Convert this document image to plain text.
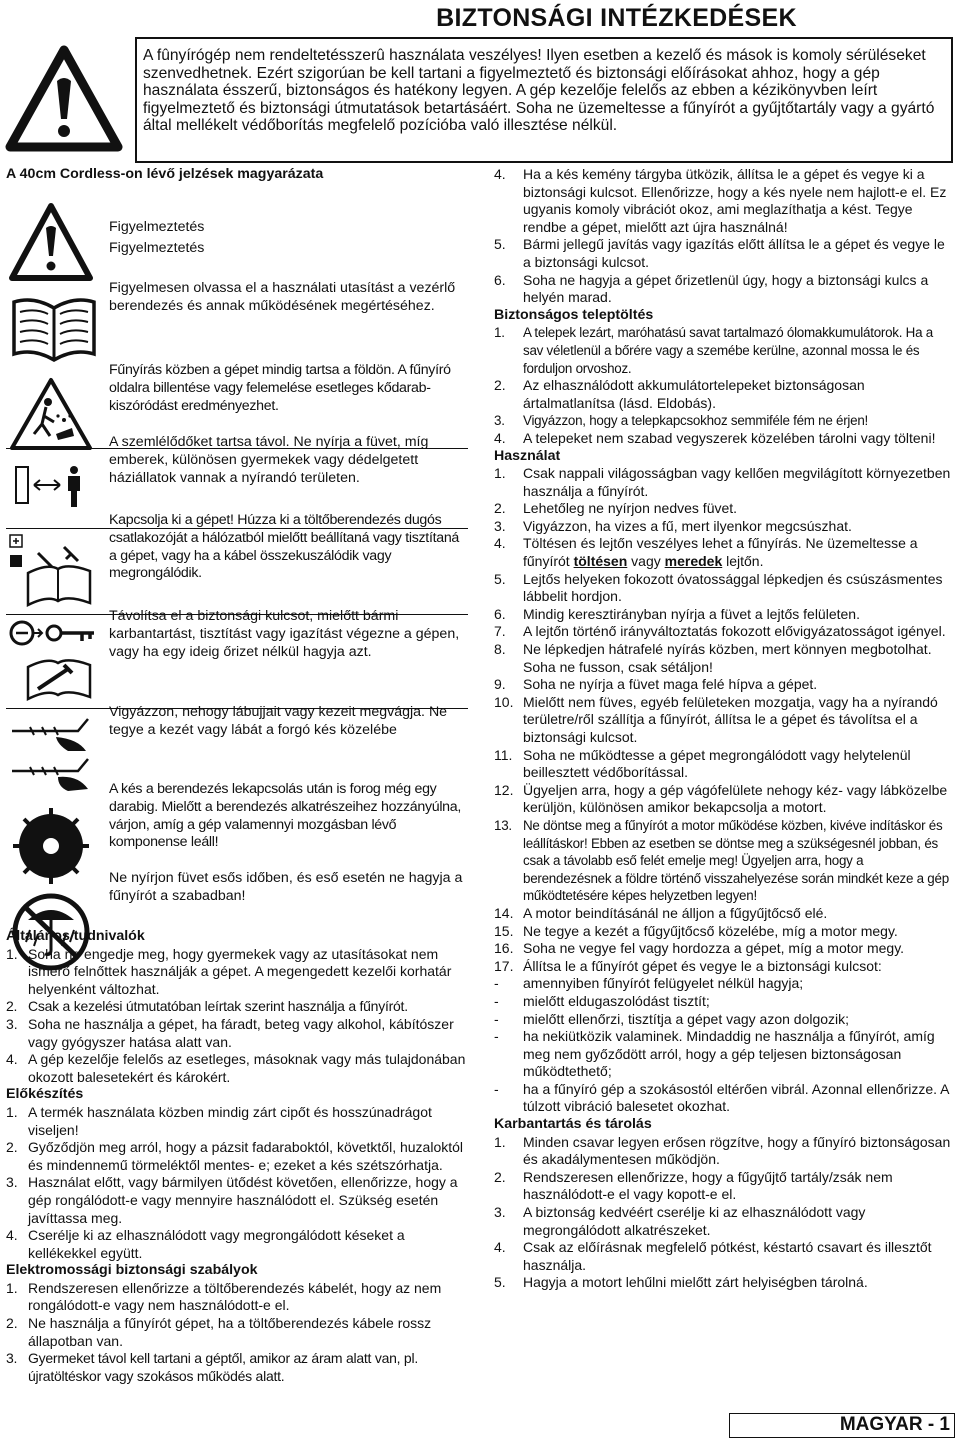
BIZTONSÁGI INTÉZKEDÉSEK
A fûnyírógép nem rendeltetésszerû használata veszélyes! Ilyen esetben a kezelő és mások is komoly sérüléseket szenvedhetnek. Ezért szigorúan be kell tartani a figyelmeztető és biztonsági előírásokat ahhoz, hogy a gép használata ésszerű, biztonságos és hatékony legyen. A gép kezelője felelős az ebben a kézikönyvben leírt figyelmeztető és biztonsági útmutatások betartásáért. Soha ne üzemeltesse a fűnyírót a gyűjtőtartály vagy a gyártó által mellékelt védőborítás megfelelő pozícióba való illesztése nélkül.
A 40cm Cordless-on lévő jelzések magyarázata
Figyelmeztetés
Figyelmeztetés
Figyelmesen olvassa el a használati utasítást a vezérlő berendezés és annak működésének megértéséhez.
Fűnyírás közben a gépet mindig tartsa a földön. A fűnyíró oldalra billentése vagy felemelése esetleges kődarab-kiszóródást eredményezhet.
A szemlélődőket tartsa távol. Ne nyírja a füvet, míg emberek, különösen gyermekek vagy dédelgetett háziállatok vannak a nyírandó területen.
Kapcsolja ki a gépet! Húzza ki a töltőberendezés dugós csatlakozóját a hálózatból mielőtt beállítaná vagy tisztítaná a gépet, vagy ha a kábel összekuszálódik vagy megrongálódik.
Távolítsa el a biztonsági kulcsot, mielőtt bármi karbantartást, tisztítást vagy igazítást végezne a gépen, vagy ha egy ideig őrizet nélkül hagyja azt.
Vigyázzon, nehogy lábujjait vagy kezeit megvágja. Ne tegye a kezét vagy lábát a forgó kés közelébe
A kés a berendezés lekapcsolás után is forog még egy darabig. Mielőtt a berendezés alkatrészeihez hozzányúlna, várjon, amíg a gép valamennyi mozgásban lévő komponense leáll!
Ne nyírjon füvet esős időben, és eső esetén ne hagyja a fűnyírót a szabadban!
Általános tudnivalók
1. Soha ne engedje meg, hogy gyermekek vagy az utasításokat nem ismerő felnőttek használják a gépet. A megengedett kezelői korhatár helyenként változhat.
2. Csak a kezelési útmutatóban leírtak szerint használja a fűnyírót.
3. Soha ne használja a gépet, ha fáradt, beteg vagy alkohol, kábítószer vagy gyógyszer hatása alatt van.
4. A gép kezelője felelős az esetleges, másoknak vagy más tulajdonában okozott balesetekért és károkért.
Előkészítés
1. A termék használata közben mindig zárt cipőt és hosszúnadrágot viseljen!
2. Győződjön meg arról, hogy a pázsit fadaraboktól, követktől, huzaloktól és mindennemű törmeléktől mentes- e; ezeket a kés szétszórhatja.
3. Használat előtt, vagy bármilyen ütődést követően, ellenőrizze, hogy a gép rongálódott-e vagy mennyire használódott el. Szükség esetén javíttassa meg.
4. Cserélje ki az elhasználódott vagy megrongálódott késeket a kellékekkel együtt.
Elektromossági biztonsági szabályok
1. Rendszeresen ellenőrizze a töltőberendezés kábelét, hogy az nem rongálódott-e vagy nem használódott-e el.
2. Ne használja a fűnyírót gépet, ha a töltőberendezés kábele rossz állapotban van.
3. Gyermeket távol kell tartani a géptől, amikor az áram alatt van, pl. újratöltéskor vagy szokásos működés alatt.
4. Ha a kés kemény tárgyba ütközik, állítsa le a gépet és vegye ki a biztonsági kulcsot. Ellenőrizze, hogy a kés nyele nem hajlott-e el. Ez ugyanis komoly vibrációt okoz, ami meglazíthatja a kést. Tegye rendbe a gépet, mielőtt azt újra használná!
5. Bármi jellegű javítás vagy igazítás előtt állítsa le a gépet és vegye le a biztonsági kulcsot.
6. Soha ne hagyja a gépet őrizetlenül úgy, hogy a biztonsági kulcs a helyén marad.
Biztonságos teleptöltés
1. A telepek lezárt, maróhatású savat tartalmazó ólomakkumulátorok. Ha a sav véletlenül a bőrére vagy a szemébe kerülne, azonnal mossa le és forduljon orvoshoz.
2. Az elhasználódott akkumulátortelepeket biztonságosan ártalmatlanítsa (lásd. Eldobás).
3. Vigyázzon, hogy a telepkapcsokhoz semmiféle fém ne érjen!
4. A telepeket nem szabad vegyszerek közelében tárolni vagy tölteni!
Használat
1. Csak nappali világosságban vagy kellően megvilágított környezetben használja a fűnyírót.
2. Lehetőleg ne nyírjon nedves füvet.
3. Vigyázzon, ha vizes a fű, mert ilyenkor megcsúszhat.
4. Töltésen és lejtőn veszélyes lehet a fűnyírás. Ne üzemeltesse a fűnyírót töltésen vagy meredek lejtőn.
5. Lejtős helyeken fokozott óvatossággal lépkedjen és csúszásmentes lábbelit hordjon.
6. Mindig keresztirányban nyírja a füvet a lejtős felületen.
7. A lejtőn történő irányváltoztatás fokozott elővigyázatosságot igényel.
8. Ne lépkedjen hátrafelé nyírás közben, mert könnyen megbotolhat. Soha ne fusson, csak sétáljon!
9. Soha ne nyírja a füvet maga felé hípva a gépet.
10. Mielőtt nem füves, egyéb felületeken mozgatja, vagy ha a nyírandó területre/ről szállítja a fűnyírót, állítsa le a gépet és távolítsa el a biztonsági kulcsot.
11. Soha ne működtesse a gépet megrongálódott vagy helytelenül beillesztett védőborítással.
12. Ügyeljen arra, hogy a gép vágófelülete nehogy kéz- vagy lábközelbe kerüljön, különösen amikor bekapcsolja a motort.
13. Ne döntse meg a fűnyírót a motor működése közben, kivéve indításkor és leállításkor! Ebben az esetben se döntse meg a szükségesnél jobban, és csak a távolabb eső felét emelje meg! Ügyeljen arra, hogy a berendezésnek a földre történő visszahelyezése során mindkét keze a gép működtetésére képes helyzetben legyen!
14. A motor beindításánál ne álljon a fűgyűjtőcső elé.
15. Ne tegye a kezét a fűgyűjtőcső közelébe, míg a motor megy.
16. Soha ne vegye fel vagy hordozza a gépet, míg a motor megy.
17. Állítsa le a fűnyírót gépet és vegye le a biztonsági kulcsot:
- amennyiben fűnyírót felügyelet nélkül hagyja;
- mielőtt eldugaszolódást tisztít;
- mielőtt ellenőrzi, tisztítja a gépet vagy azon dolgozik;
- ha nekiütközik valaminek. Mindaddig ne használja a fűnyírót, amíg meg nem győződött arról, hogy a gép teljesen biztonságosan működtethető;
- ha a fűnyíró gép a szokásostól eltérően vibrál. Azonnal ellenőrizze. A túlzott vibráció balesetet okozhat.
Karbantartás és tárolás
1. Minden csavar legyen erősen rögzítve, hogy a fűnyíró biztonságosan és akadálymentesen működjön.
2. Rendszeresen ellenőrizze, hogy a fűgyűjtő tartály/zsák nem használódott-e el vagy kopott-e el.
3. A biztonság kedvéért cserélje ki az elhasználódott vagy megrongálódott alkatrészeket.
4. Csak az előírásnak megfelelő pótkést, késtartó csavart és illesztőt használja.
5. Hagyja a motort lehűlni mielőtt zárt helyiségben tárolná.
MAGYAR - 1
